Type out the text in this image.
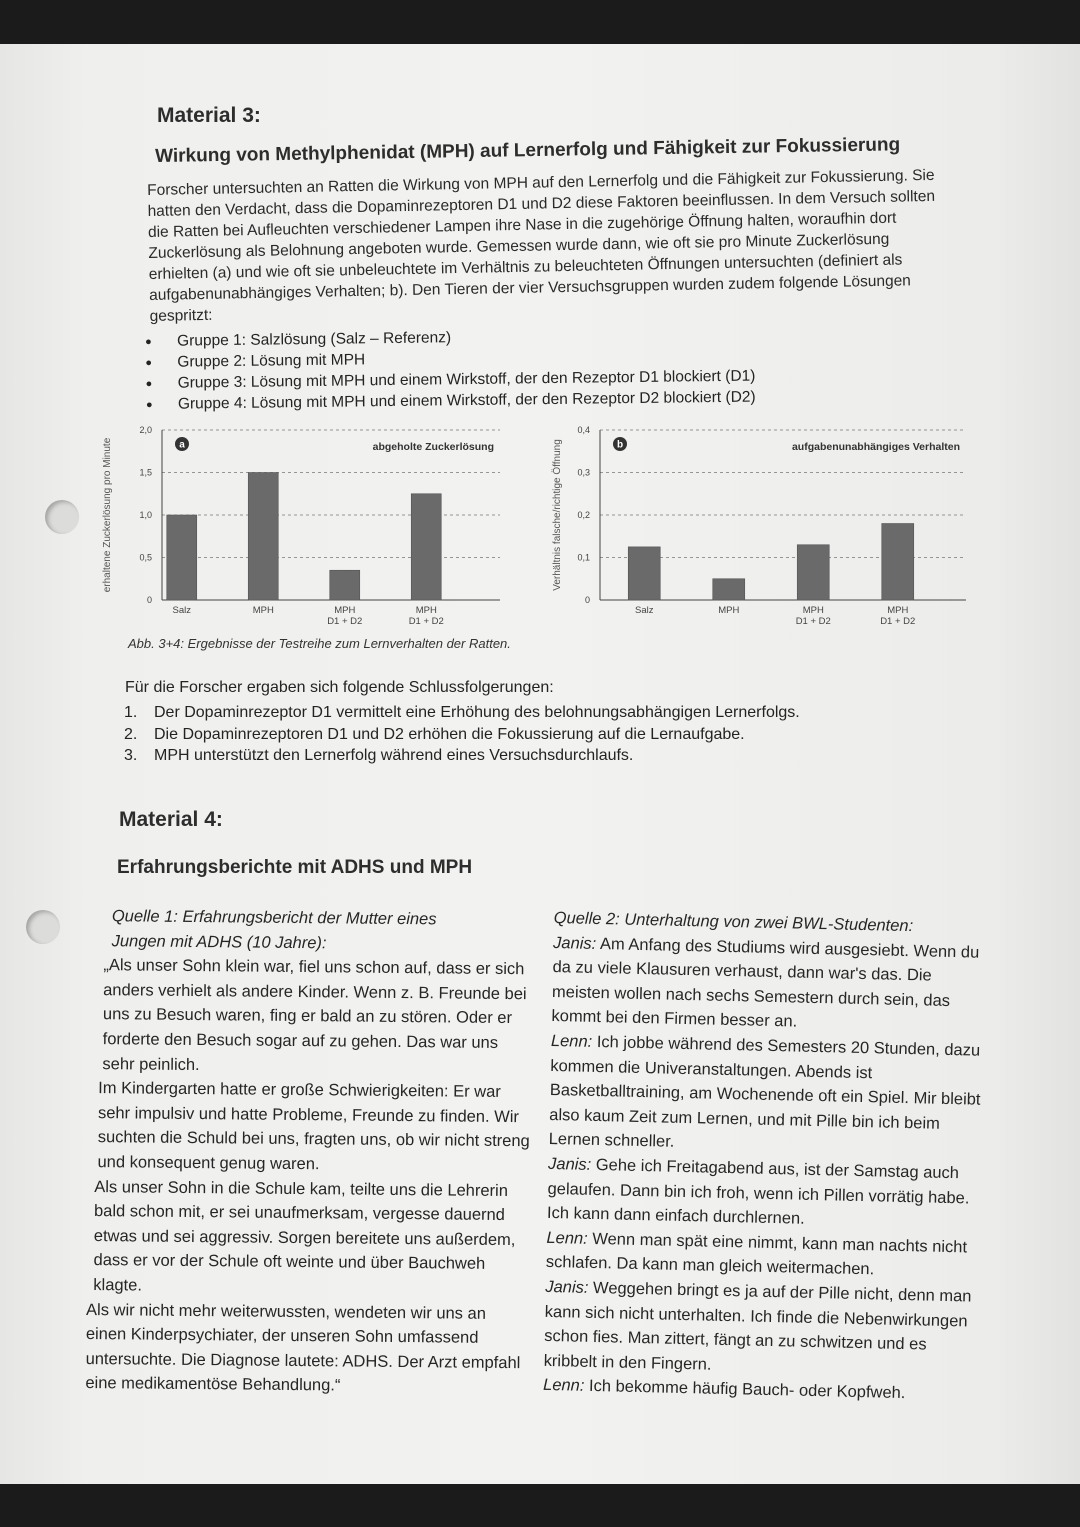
Material 3:
Wirkung von Methylphenidat (MPH) auf Lernerfolg und Fähigkeit zur Fokussierung

Forscher untersuchten an Ratten die Wirkung von MPH auf den Lernerfolg und die Fähigkeit zur Fokussierung. Sie hatten den Verdacht, dass die Dopaminrezeptoren D1 und D2 diese Faktoren beeinflussen. In dem Versuch sollten die Ratten bei Aufleuchten verschiedener Lampen ihre Nase in die zugehörige Öffnung halten, woraufhin dort Zuckerlösung als Belohnung angeboten wurde. Gemessen wurde dann, wie oft sie pro Minute Zuckerlösung erhielten (a) und wie oft sie unbeleuchtete im Verhältnis zu beleuchteten Öffnungen untersuchten (definiert als aufgabenunabhängiges Verhalten; b). Den Tieren der vier Versuchsgruppen wurden zudem folgende Lösungen gespritzt:

● Gruppe 1: Salzlösung (Salz – Referenz)
● Gruppe 2: Lösung mit MPH
● Gruppe 3: Lösung mit MPH und einem Wirkstoff, der den Rezeptor D1 blockiert (D1)
● Gruppe 4: Lösung mit MPH und einem Wirkstoff, der den Rezeptor D2 blockiert (D2)
erhaltene Zuckerlösung pro Minute
0
0,5
1,0
1,5
2,0
a	abgeholte Zuckerlösung
Salz	MPH	MPH
D1 + D2
MPH
D1 + D2
Verhältnis falsche/richtige Öffnung
0
0,1
0,2
0,3
0,4
b	aufgabenunabhängiges Verhalten
Salz	MPH	MPH
D1 + D2
MPH
D1 + D2
Abb. 3+4: Ergebnisse der Testreihe zum Lernverhalten der Ratten.
Für die Forscher ergaben sich folgende Schlussfolgerungen:
1. Der Dopaminrezeptor D1 vermittelt eine Erhöhung des belohnungsabhängigen Lernerfolgs.
2. Die Dopaminrezeptoren D1 und D2 erhöhen die Fokussierung auf die Lernaufgabe.
3. MPH unterstützt den Lernerfolg während eines Versuchsdurchlaufs.
Material 4:
Erfahrungsberichte mit ADHS und MPH

Quelle 1: Erfahrungsbericht der Mutter eines Jungen mit ADHS (10 Jahre):

„Als unser Sohn klein war, fiel uns schon auf, dass er sich anders verhielt als andere Kinder. Wenn z. B. Freunde bei uns zu Besuch waren, fing er bald an zu stören. Oder er forderte den Besuch sogar auf zu gehen. Das war uns sehr peinlich.

Im Kindergarten hatte er große Schwierigkeiten: Er war sehr impulsiv und hatte Probleme, Freunde zu finden. Wir suchten die Schuld bei uns, fragten uns, ob wir nicht streng und konsequent genug waren.

Als unser Sohn in die Schule kam, teilte uns die Lehrerin bald schon mit, er sei unaufmerksam, vergesse dauernd etwas und sei aggressiv. Sorgen bereitete uns außerdem, dass er vor der Schule oft weinte und über Bauchweh klagte.

Als wir nicht mehr weiterwussten, wendeten wir uns an einen Kinderpsychiater, der unseren Sohn umfassend untersuchte. Die Diagnose lautete: ADHS. Der Arzt empfahl eine medikamentöse Behandlung.“

Quelle 2: Unterhaltung von zwei BWL-Studenten:

Janis: Am Anfang des Studiums wird ausgesiebt. Wenn du da zu viele Klausuren verhaust, dann war's das. Die meisten wollen nach sechs Semestern durch sein, das kommt bei den Firmen besser an.

Lenn: Ich jobbe während des Semesters 20 Stunden, dazu kommen die Univeranstaltungen. Abends ist Basketballtraining, am Wochenende oft ein Spiel. Mir bleibt also kaum Zeit zum Lernen, und mit Pille bin ich beim Lernen schneller.

Janis: Gehe ich Freitagabend aus, ist der Samstag auch gelaufen. Dann bin ich froh, wenn ich Pillen vorrätig habe. Ich kann dann einfach durchlernen.

Lenn: Wenn man spät eine nimmt, kann man nachts nicht schlafen. Da kann man gleich weitermachen.

Janis: Weggehen bringt es ja auf der Pille nicht, denn man kann sich nicht unterhalten. Ich finde die Nebenwirkungen schon fies. Man zittert, fängt an zu schwitzen und es kribbelt in den Fingern.

Lenn: Ich bekomme häufig Bauch- oder Kopfweh.
